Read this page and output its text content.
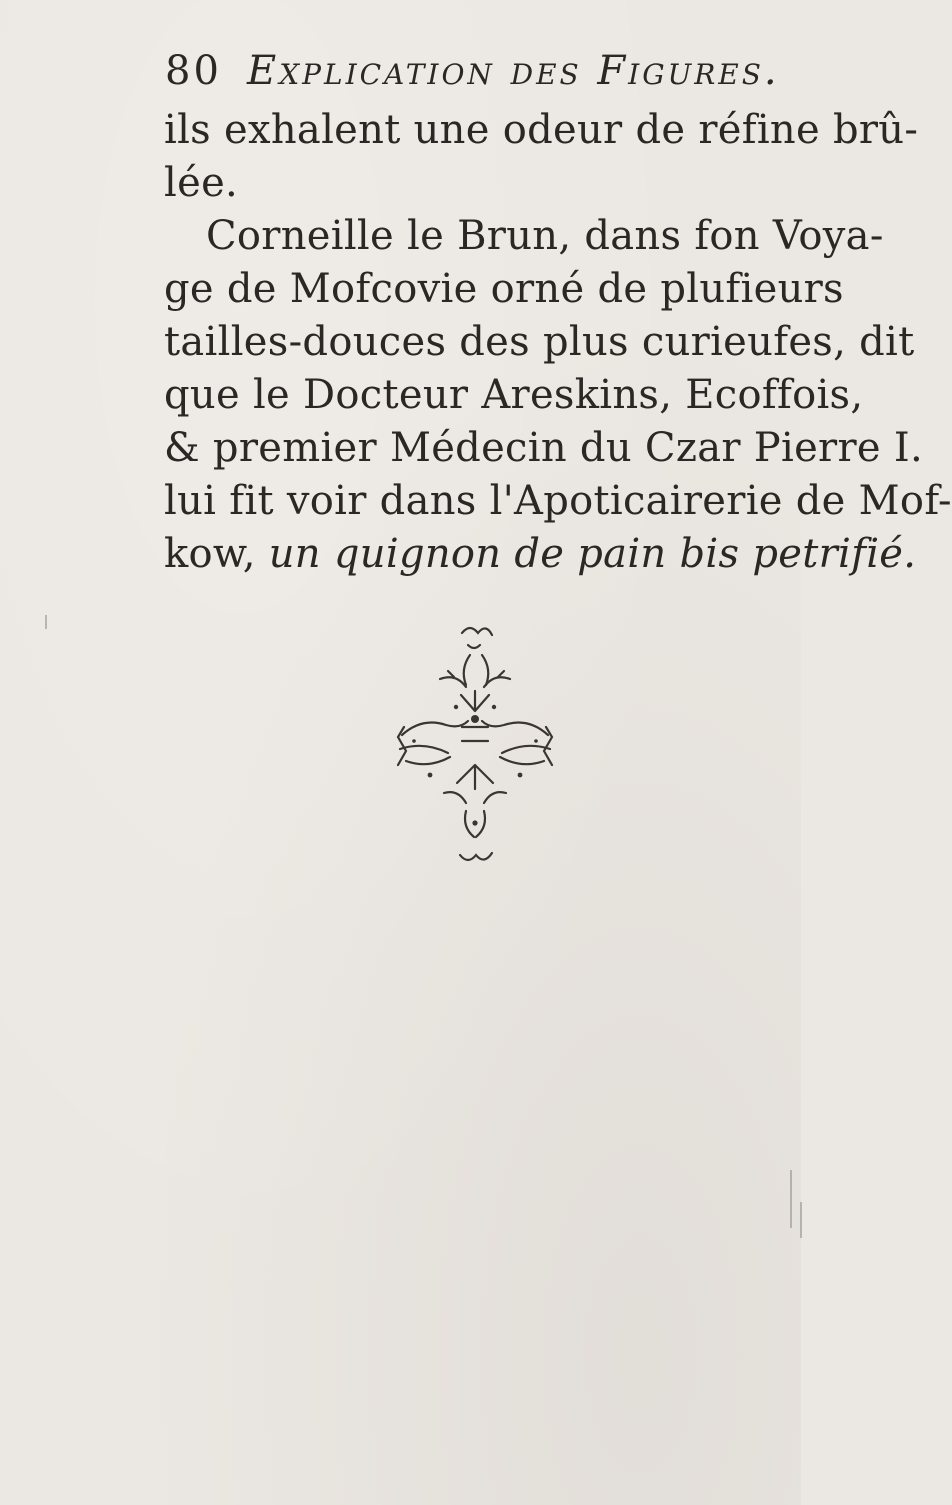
80 Explication des Figures.
ils exhalent une odeur de réfine brû-
lée.
Corneille le Brun, dans fon Voya-
ge de Mofcovie orné de plufieurs
tailles-douces des plus curieufes, dit
que le Docteur Areskins, Ecoffois,
& premier Médecin du Czar Pierre I.
lui fit voir dans l'Apoticairerie de Mof-
kow, un quignon de pain bis petrifié.
